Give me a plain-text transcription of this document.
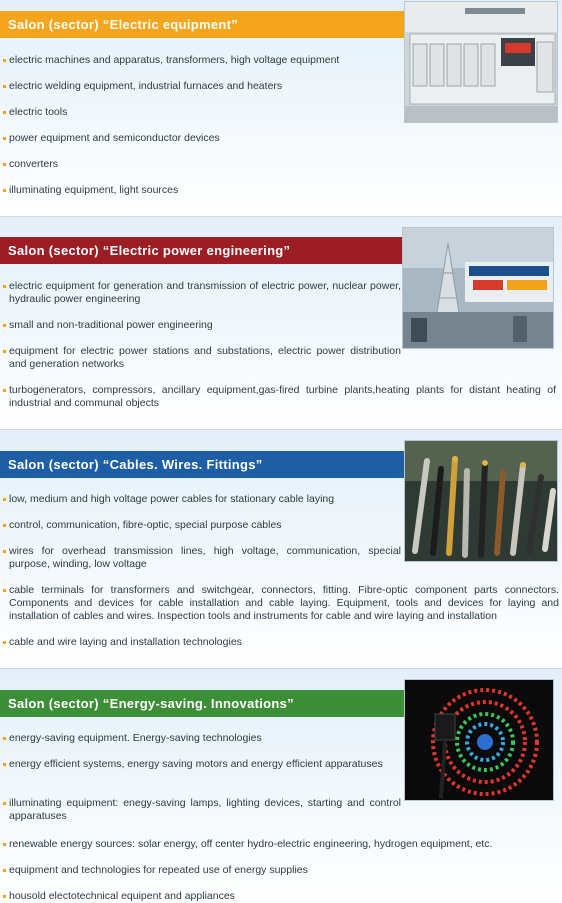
Salon (sector) “Electric equipment”
electric machines and apparatus, transformers, high voltage equipment
electric welding equipment, industrial furnaces and heaters
electric tools
power equipment and semiconductor devices
converters
illuminating equipment, light sources
Salon (sector) “Electric power engineering”
electric equipment for generation and transmission of electric power, nuclear power, hydraulic power engineering
small and non-traditional power engineering
equipment for electric power stations and substations, electric power distribution and generation networks
turbogenerators, compressors, ancillary equipment,gas-fired turbine plants,heating plants for distant heating of industrial and communal objects
Salon (sector) “Cables. Wires. Fittings”
low, medium and high voltage power cables for stationary cable laying
control, communication, fibre-optic, special purpose cables
wires for overhead transmission lines, high voltage, communication, special purpose, winding, low voltage
cable terminals for transformers and switchgear, connectors, fitting. Fibre-optic component parts connectors. Components and devices for cable installation and cable laying. Equipment, tools and devices for laying and installation of cables and wires. Inspection tools and instruments for cable and wire laying and installation
cable and wire laying and installation technologies
Salon (sector) “Energy-saving. Innovations”
energy-saving equipment. Energy-saving technologies
energy efficient systems, energy saving motors and energy efficient apparatuses
illuminating equipment: enegy-saving lamps, lighting devices, starting and control apparatuses
renewable energy sources: solar energy, off center hydro-electric engineering, hydrogen equipment, etc.
equipment and technologies for repeated use of energy supplies
housold electotechnical equipent and appliances
